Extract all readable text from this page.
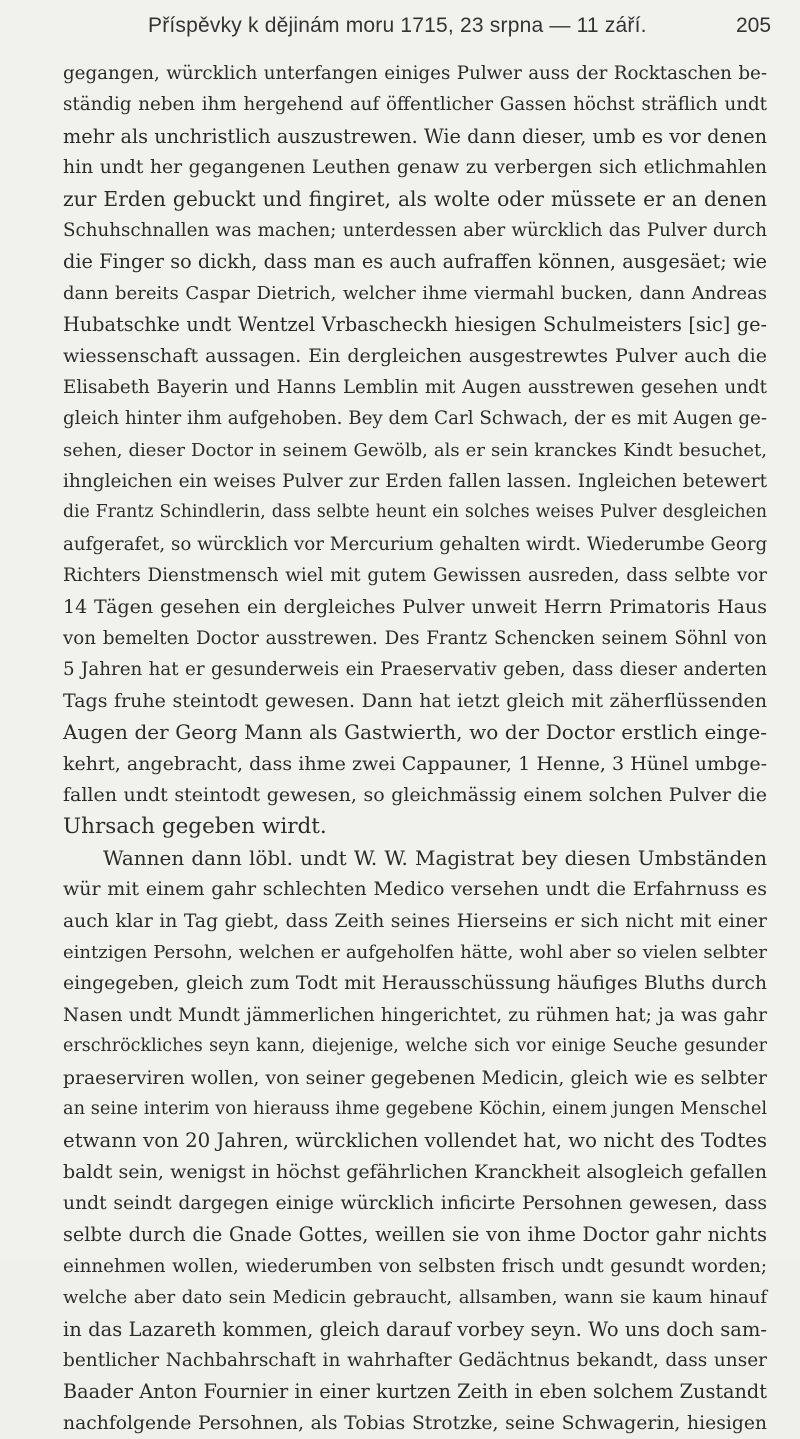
Příspěvky k dějinám moru 1715, 23 srpna — 11 září.	205
gegangen, würcklich unterfangen einiges Pulwer auss der Rocktaschen be-
ständig neben ihm hergehend auf öffentlicher Gassen höchst sträflich undt
mehr als unchristlich auszustrewen. Wie dann dieser, umb es vor denen
hin undt her gegangenen Leuthen genaw zu verbergen sich etlichmahlen
zur Erden gebuckt und fingiret, als wolte oder müssete er an denen
Schuhschnallen was machen; unterdessen aber würcklich das Pulver durch
die Finger so dickh, dass man es auch aufraffen können, ausgesäet; wie
dann bereits Caspar Dietrich, welcher ihme viermahl bucken, dann Andreas
Hubatschke undt Wentzel Vrbascheckh hiesigen Schulmeisters [sic] ge-
wiessenschaft aussagen. Ein dergleichen ausgestrewtes Pulver auch die
Elisabeth Bayerin und Hanns Lemblin mit Augen ausstrewen gesehen undt
gleich hinter ihm aufgehoben. Bey dem Carl Schwach, der es mit Augen ge-
sehen, dieser Doctor in seinem Gewölb, als er sein kranckes Kindt besuchet,
ihngleichen ein weises Pulver zur Erden fallen lassen. Ingleichen betewert
die Frantz Schindlerin, dass selbte heunt ein solches weises Pulver desgleichen
aufgerafet, so würcklich vor Mercurium gehalten wirdt. Wiederumbe Georg
Richters Dienstmensch wiel mit gutem Gewissen ausreden, dass selbte vor
14 Tägen gesehen ein dergleiches Pulver unweit Herrn Primatoris Haus
von bemelten Doctor ausstrewen. Des Frantz Schencken seinem Söhnl von
5 Jahren hat er gesunderweis ein Praeservativ geben, dass dieser anderten
Tags fruhe steintodt gewesen. Dann hat ietzt gleich mit zäherflüssenden
Augen der Georg Mann als Gastwierth, wo der Doctor erstlich einge-
kehrt, angebracht, dass ihme zwei Cappauner, 1 Henne, 3 Hünel umbge-
fallen undt steintodt gewesen, so gleichmässig einem solchen Pulver die
Uhrsach gegeben wirdt.
Wannen dann löbl. undt W. W. Magistrat bey diesen Umbständen
wür mit einem gahr schlechten Medico versehen undt die Erfahrnuss es
auch klar in Tag giebt, dass Zeith seines Hierseins er sich nicht mit einer
eintzigen Persohn, welchen er aufgeholfen hätte, wohl aber so vielen selbter
eingegeben, gleich zum Todt mit Herausschüssung häufiges Bluths durch
Nasen undt Mundt jämmerlichen hingerichtet, zu rühmen hat; ja was gahr
erschröckliches seyn kann, diejenige, welche sich vor einige Seuche gesunder
praeserviren wollen, von seiner gegebenen Medicin, gleich wie es selbter
an seine interim von hierauss ihme gegebene Köchin, einem jungen Menschel
etwann von 20 Jahren, würcklichen vollendet hat, wo nicht des Todtes
baldt sein, wenigst in höchst gefährlichen Kranckheit alsogleich gefallen
undt seindt dargegen einige würcklich inficirte Persohnen gewesen, dass
selbte durch die Gnade Gottes, weillen sie von ihme Doctor gahr nichts
einnehmen wollen, wiederumben von selbsten frisch undt gesundt worden;
welche aber dato sein Medicin gebraucht, allsamben, wann sie kaum hinauf
in das Lazareth kommen, gleich darauf vorbey seyn. Wo uns doch sam-
bentlicher Nachbahrschaft in wahrhafter Gedächtnus bekandt, dass unser
Baader Anton Fournier in einer kurtzen Zeith in eben solchem Zustandt
nachfolgende Persohnen, als Tobias Strotzke, seine Schwagerin, hiesigen
